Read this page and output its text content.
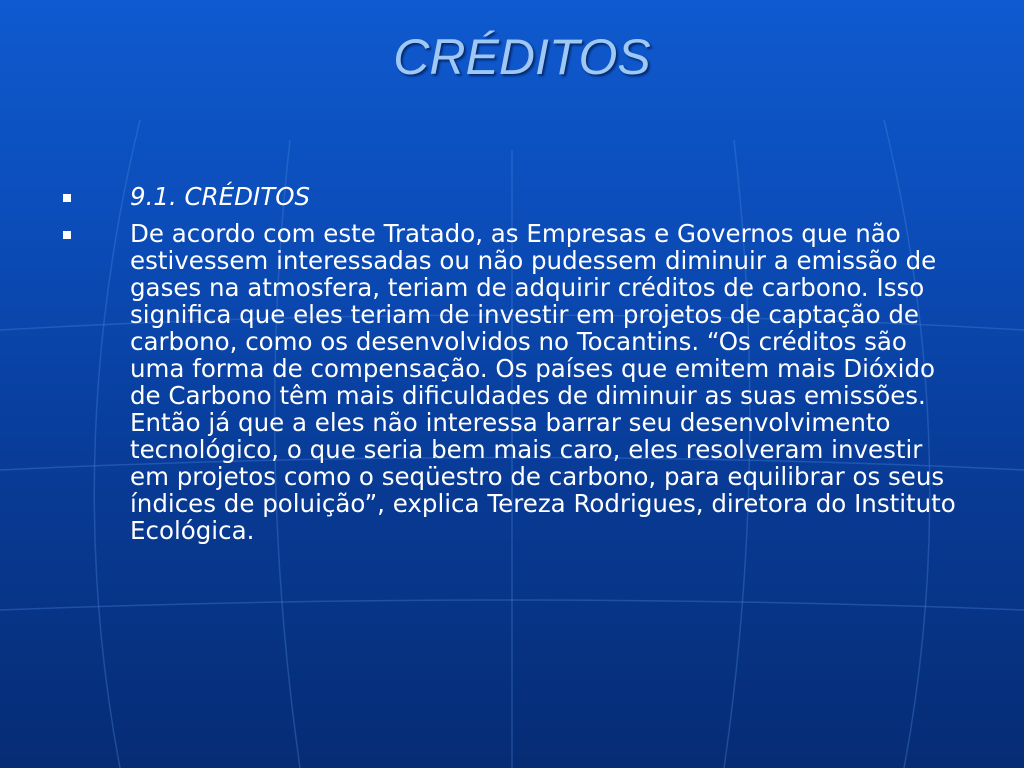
CRÉDITOS
9.1. CRÉDITOS
De acordo com este Tratado, as Empresas e Governos que não estivessem interessadas ou não pudessem diminuir a emissão de gases na atmosfera, teriam de adquirir créditos de carbono. Isso significa que eles teriam de investir em projetos de captação de carbono, como os desenvolvidos no Tocantins. “Os créditos são uma forma de compensação. Os países que emitem mais Dióxido de Carbono têm mais dificuldades de diminuir as suas emissões. Então já que a eles não interessa barrar seu desenvolvimento tecnológico, o que seria bem mais caro, eles resolveram investir em projetos como o seqüestro de carbono, para equilibrar os seus índices de poluição”, explica Tereza Rodrigues, diretora do Instituto Ecológica.
